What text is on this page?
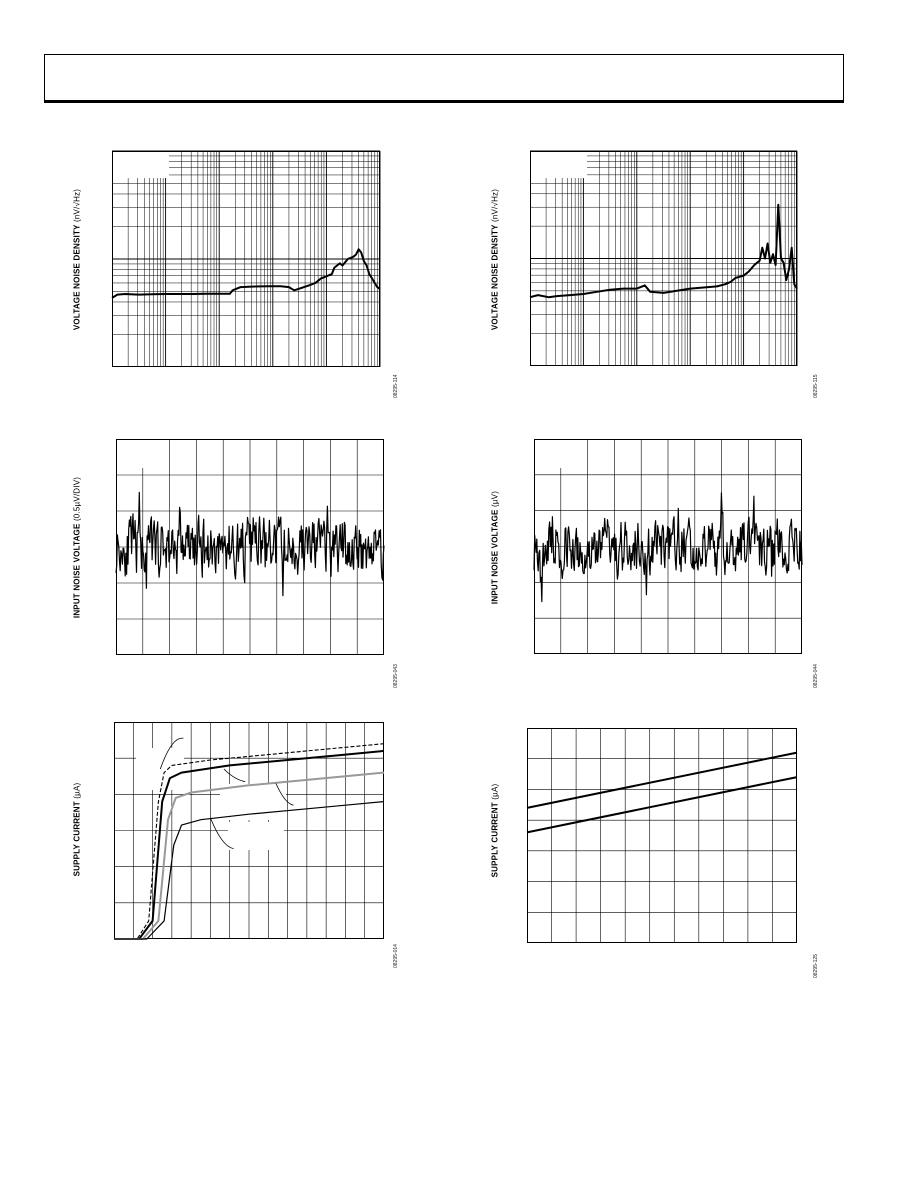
VOLTAGE NOISE DENSITY (nV/√Hz)
08295-114
VOLTAGE NOISE DENSITY (nV/√Hz)
08295-115
INPUT NOISE VOLTAGE (0.5µV/DIV)
08295-043
INPUT NOISE VOLTAGE (µV)
08295-044
SUPPLY CURRENT (µA)
08295-014
SUPPLY CURRENT (µA)
08295-125
